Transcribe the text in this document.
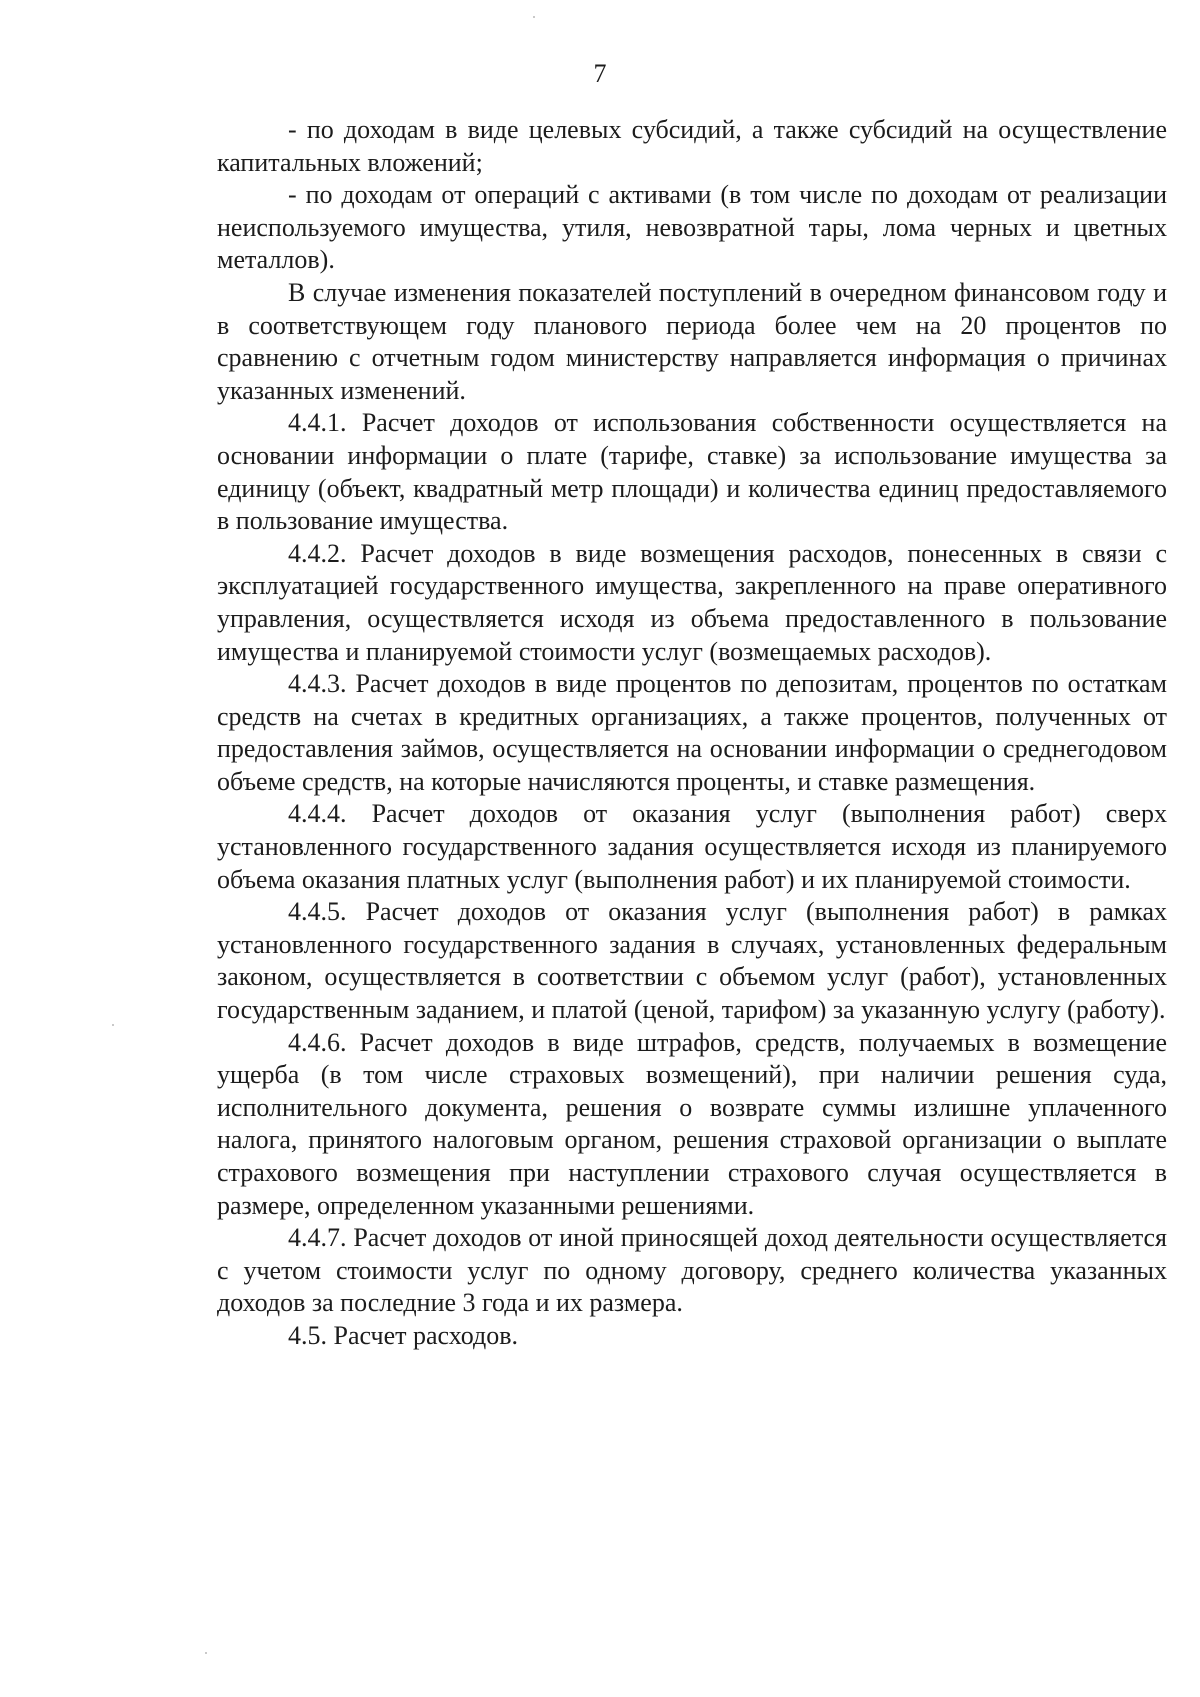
7

- по доходам в виде целевых субсидий, а также субсидий на осуществление капитальных вложений;

- по доходам от операций с активами (в том числе по доходам от реализации неиспользуемого имущества, утиля, невозвратной тары, лома черных и цветных металлов).

В случае изменения показателей поступлений в очередном финансовом году и в соответствующем году планового периода более чем на 20 процентов по сравнению с отчетным годом министерству направляется информация о причинах указанных изменений.

4.4.1. Расчет доходов от использования собственности осуществляется на основании информации о плате (тарифе, ставке) за использование имущества за единицу (объект, квадратный метр площади) и количества единиц предоставляемого в пользование имущества.

4.4.2. Расчет доходов в виде возмещения расходов, понесенных в связи с эксплуатацией государственного имущества, закрепленного на праве оперативного управления, осуществляется исходя из объема предоставленного в пользование имущества и планируемой стоимости услуг (возмещаемых расходов).

4.4.3. Расчет доходов в виде процентов по депозитам, процентов по остаткам средств на счетах в кредитных организациях, а также процентов, полученных от предоставления займов, осуществляется на основании информации о среднегодовом объеме средств, на которые начисляются проценты, и ставке размещения.

4.4.4. Расчет доходов от оказания услуг (выполнения работ) сверх установленного государственного задания осуществляется исходя из планируемого объема оказания платных услуг (выполнения работ) и их планируемой стоимости.

4.4.5. Расчет доходов от оказания услуг (выполнения работ) в рамках установленного государственного задания в случаях, установленных федеральным законом, осуществляется в соответствии с объемом услуг (работ), установленных государственным заданием, и платой (ценой, тарифом) за указанную услугу (работу).

4.4.6. Расчет доходов в виде штрафов, средств, получаемых в возмещение ущерба (в том числе страховых возмещений), при наличии решения суда, исполнительного документа, решения о возврате суммы излишне уплаченного налога, принятого налоговым органом, решения страховой организации о выплате страхового возмещения при наступлении страхового случая осуществляется в размере, определенном указанными решениями.

4.4.7. Расчет доходов от иной приносящей доход деятельности осуществляется с учетом стоимости услуг по одному договору, среднего количества указанных доходов за последние 3 года и их размера.

4.5. Расчет расходов.
